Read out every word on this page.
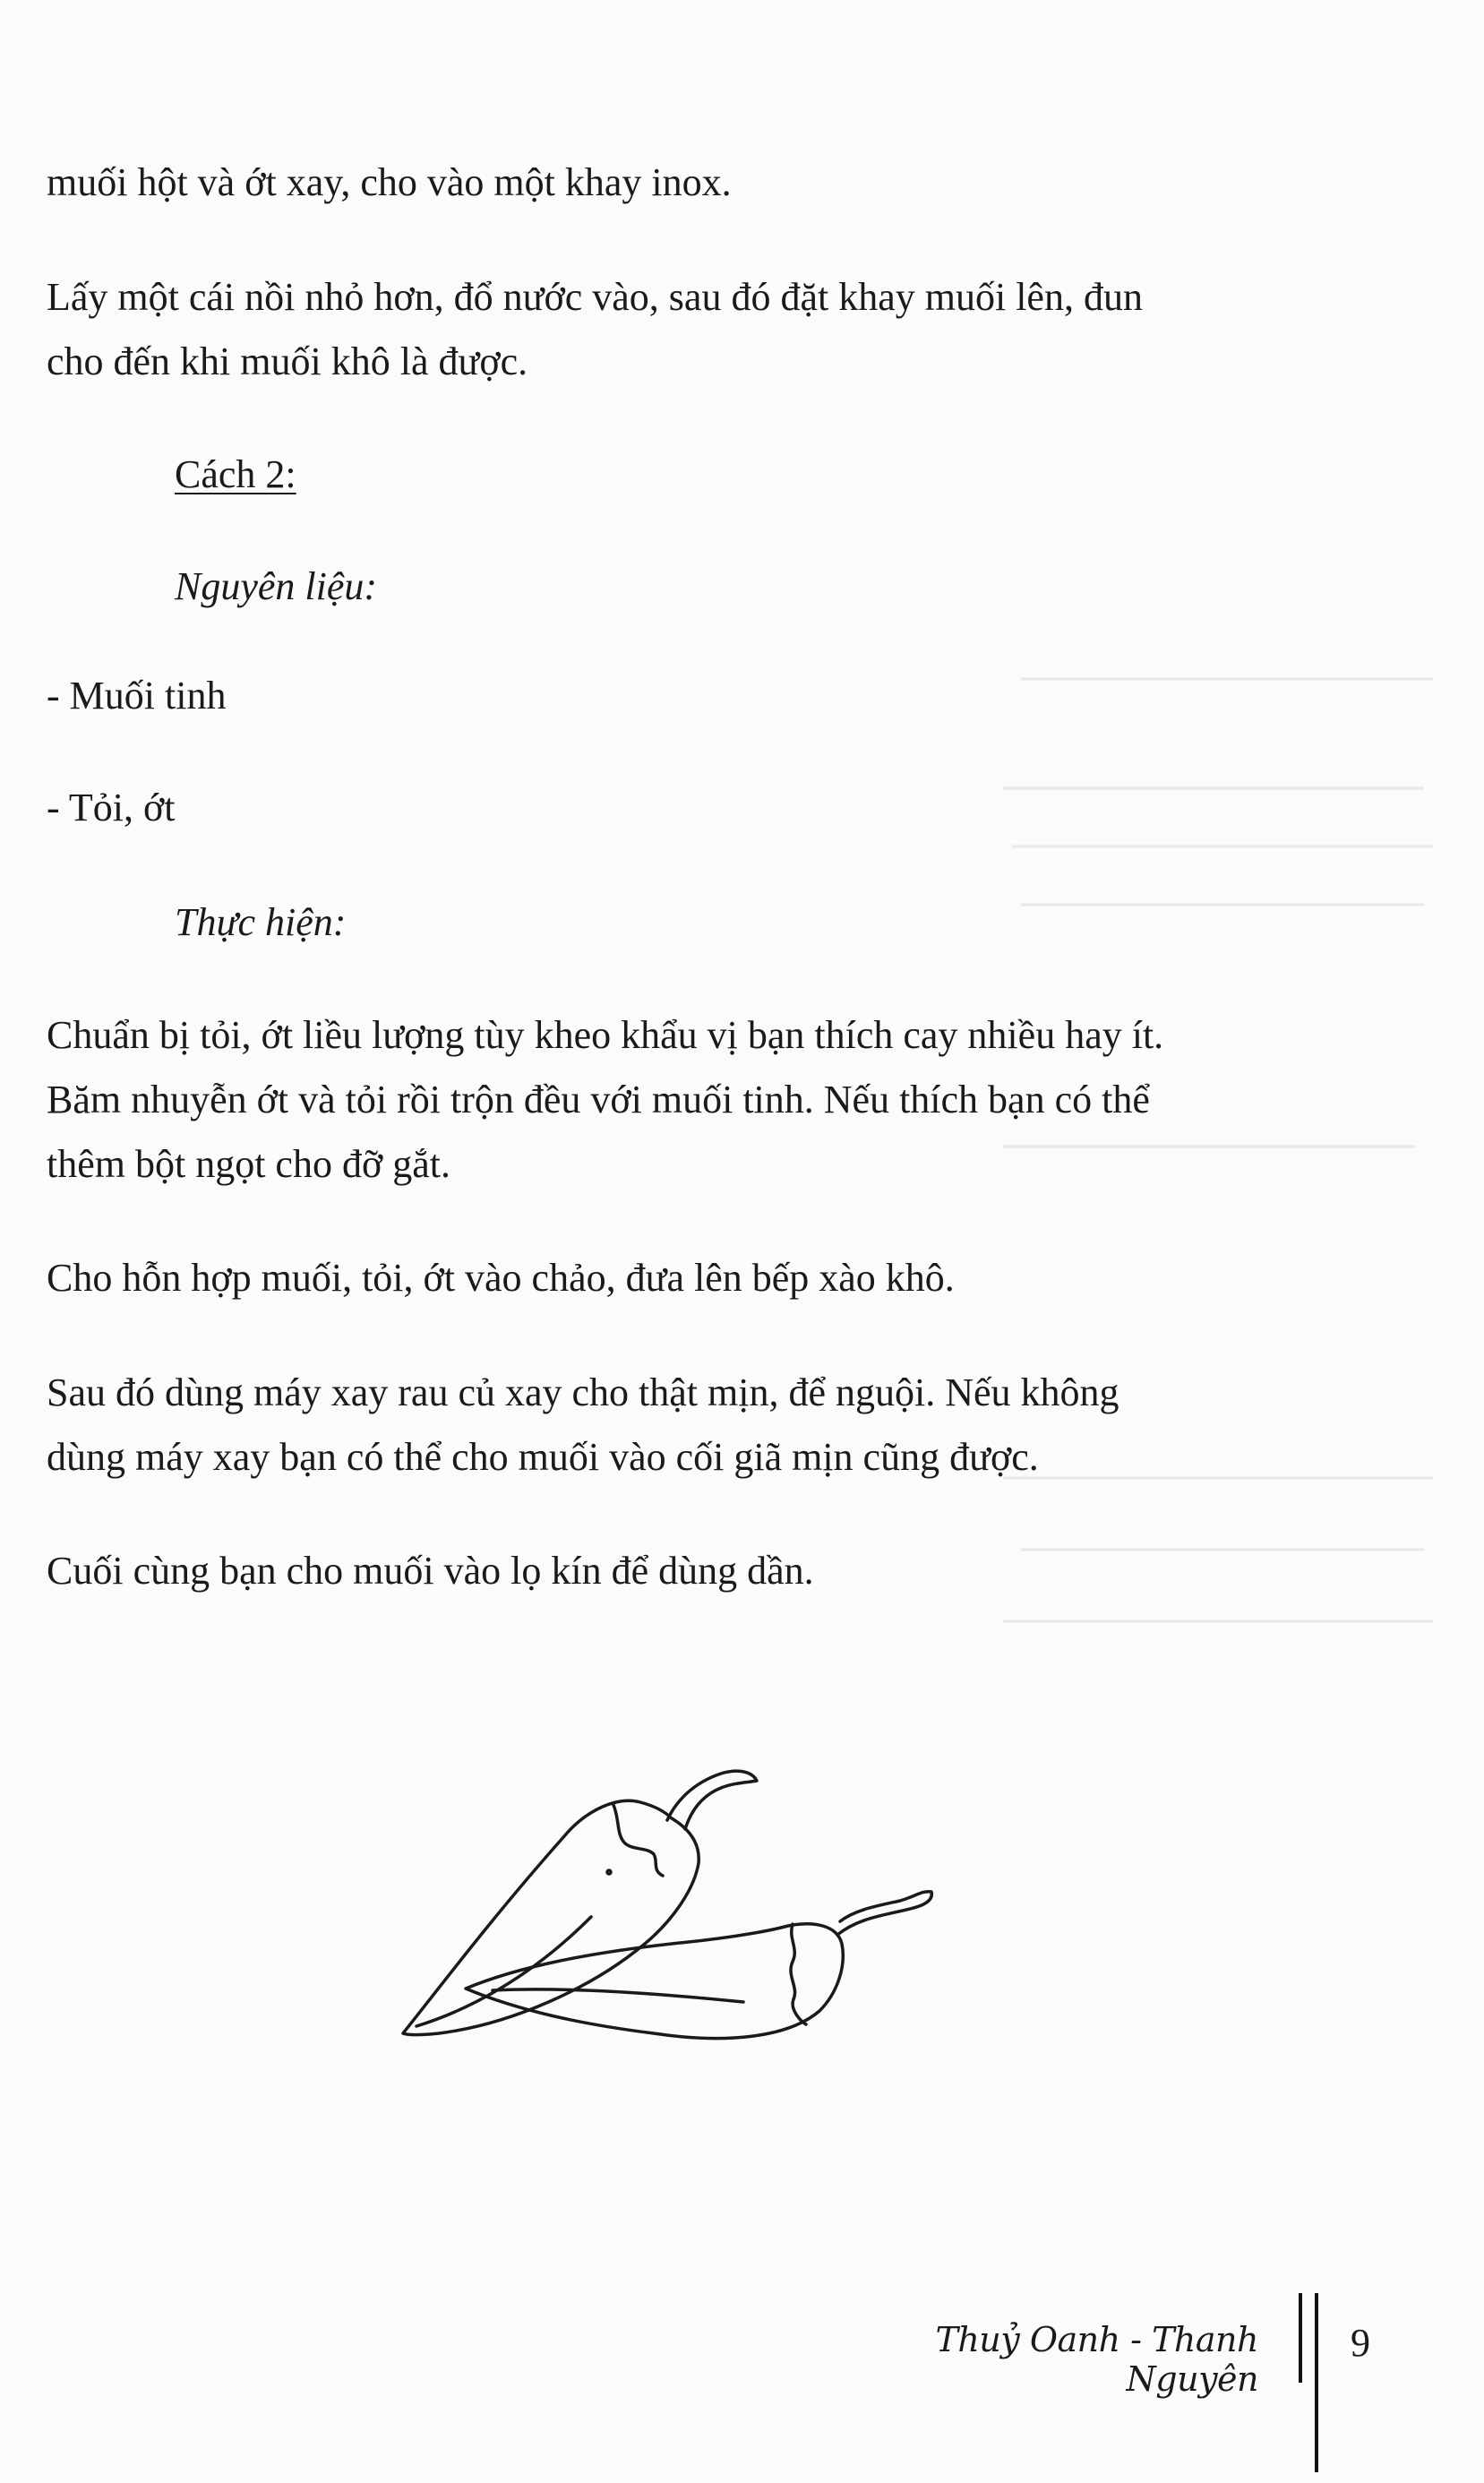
muối hột và ớt xay, cho vào một khay inox.

Lấy một cái nồi nhỏ hơn, đổ nước vào, sau đó đặt khay muối lên, đun

cho đến khi muối khô là được.

Cách 2:

Nguyên liệu:

- Muối tinh

- Tỏi, ớt

Thực hiện:

Chuẩn bị tỏi, ớt liều lượng tùy kheo khẩu vị bạn thích cay nhiều hay ít.

Băm nhuyễn ớt và tỏi rồi trộn đều với muối tinh. Nếu thích bạn có thể

thêm bột ngọt cho đỡ gắt.

Cho hỗn hợp muối, tỏi, ớt vào chảo, đưa lên bếp xào khô.

Sau đó dùng máy xay rau củ xay cho thật mịn, để nguội. Nếu không

dùng máy xay bạn có thể cho muối vào cối giã mịn cũng được.

Cuối cùng bạn cho muối vào lọ kín để dùng dần.

Thuỷ Oanh - Thanh Nguyên
9
